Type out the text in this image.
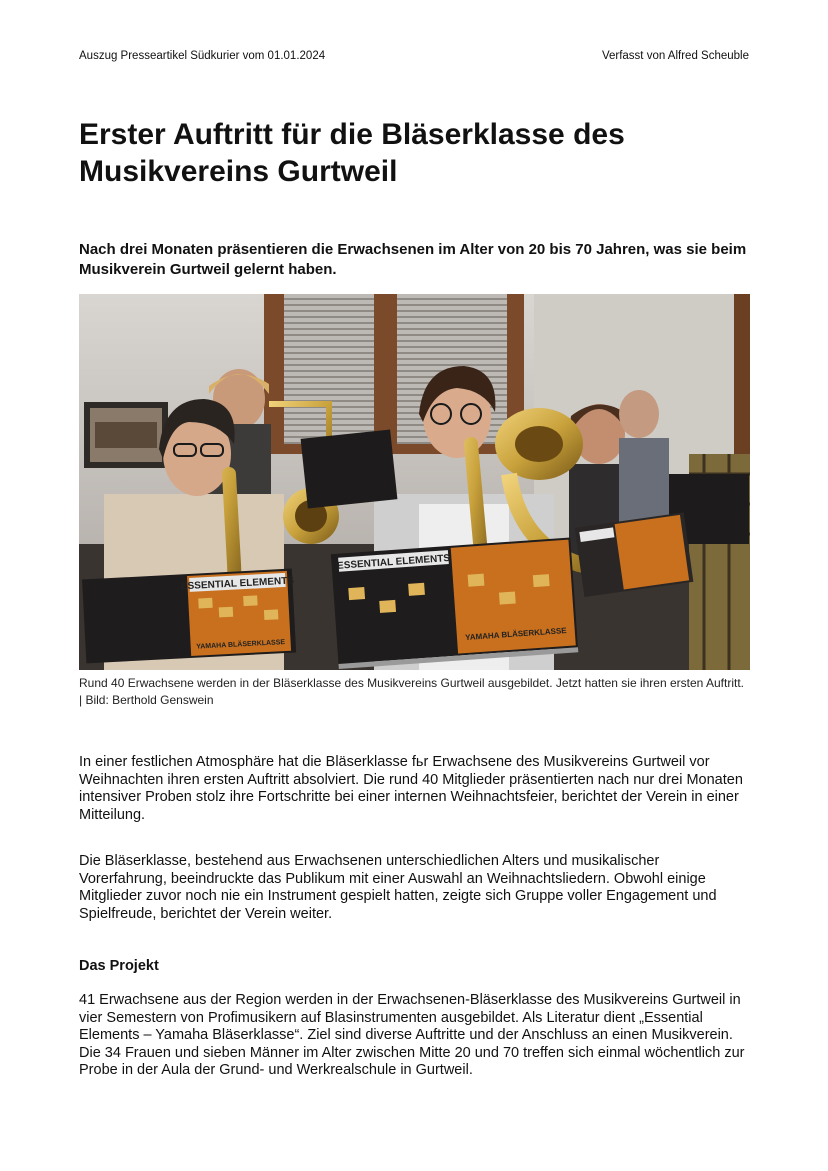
Auszug Presseartikel Südkurier vom 01.01.2024	Verfasst von Alfred Scheuble
Erster Auftritt für die Bläserklasse des Musikvereins Gurtweil

Nach drei Monaten präsentieren die Erwachsenen im Alter von 20 bis 70 Jahren, was sie beim Musikverein Gurtweil gelernt haben.

ESSENTIAL ELEMENTS
YAMAHA BLÄSERKLASSE
ESSENTIAL ELEMENTS
YAMAHA BLÄSERKLASSE

Rund 40 Erwachsene werden in der Bläserklasse des Musikvereins Gurtweil ausgebildet. Jetzt hatten sie ihren ersten Auftritt. | Bild: Berthold Genswein

In einer festlichen Atmosphäre hat die Bläserklasse fьr Erwachsene des Musikvereins Gurtweil vor Weihnachten ihren ersten Auftritt absolviert. Die rund 40 Mitglieder präsentierten nach nur drei Monaten intensiver Proben stolz ihre Fortschritte bei einer internen Weihnachtsfeier, berichtet der Verein in einer Mitteilung.

Die Bläserklasse, bestehend aus Erwachsenen unterschiedlichen Alters und musikalischer Vorerfahrung, beeindruckte das Publikum mit einer Auswahl an Weihnachtsliedern. Obwohl einige Mitglieder zuvor noch nie ein Instrument gespielt hatten, zeigte sich Gruppe voller Engagement und Spielfreude, berichtet der Verein weiter.

Das Projekt

41 Erwachsene aus der Region werden in der Erwachsenen-Bläserklasse des Musikvereins Gurtweil in vier Semestern von Profimusikern auf Blasinstrumenten ausgebildet. Als Literatur dient „Essential Elements – Yamaha Bläserklasse“. Ziel sind diverse Auftritte und der Anschluss an einen Musikverein. Die 34 Frauen und sieben Männer im Alter zwischen Mitte 20 und 70 treffen sich einmal wöchentlich zur Probe in der Aula der Grund- und Werkrealschule in Gurtweil.
